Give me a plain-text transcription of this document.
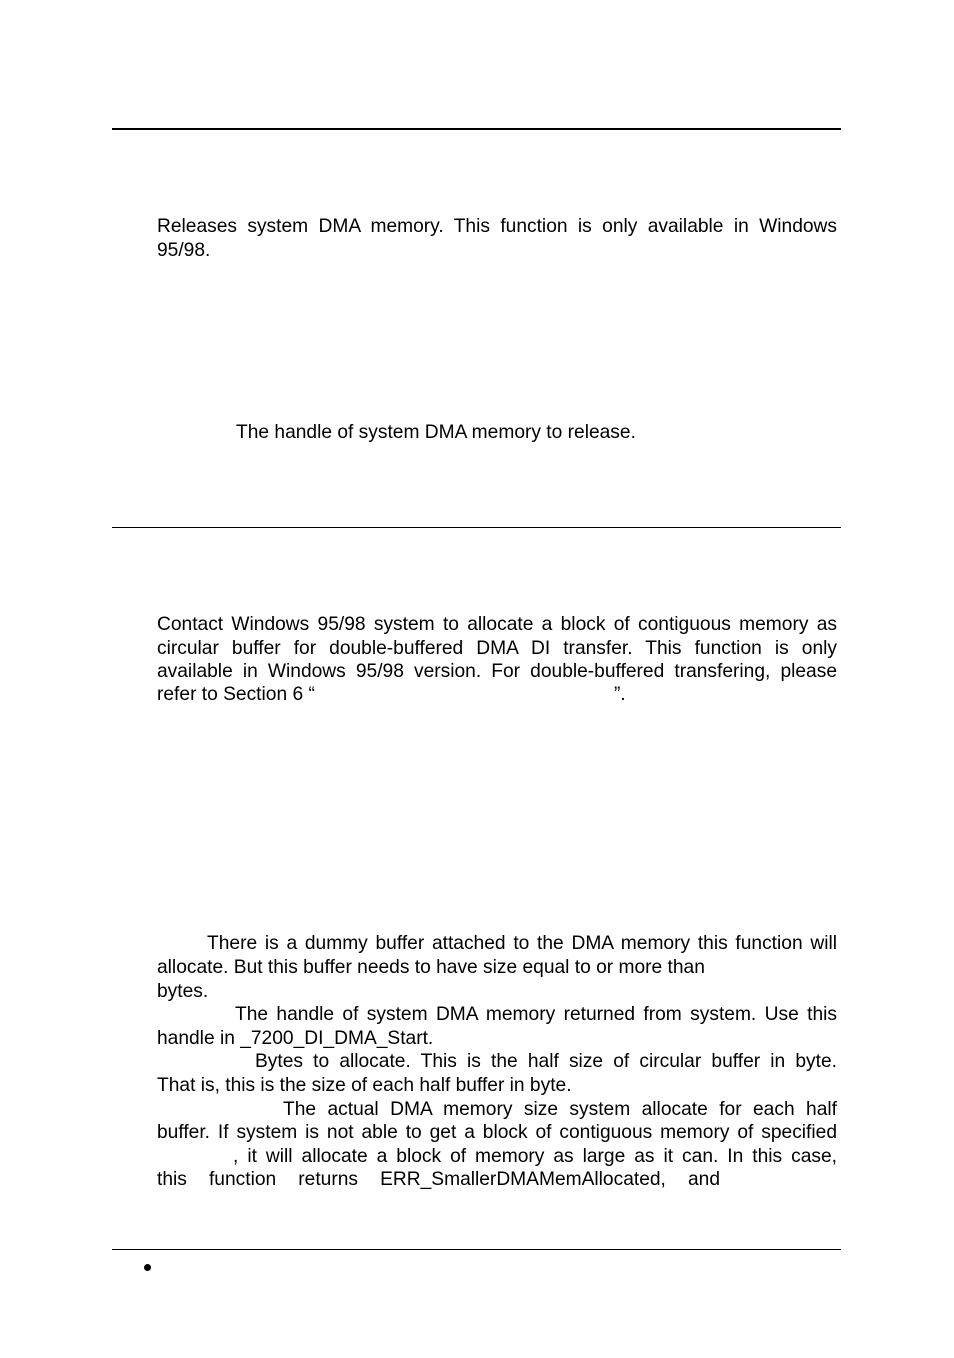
Releases system DMA memory. This function is only available in Windows
95/98.
The handle of system DMA memory to release.
Contact Windows 95/98 system to allocate a block of contiguous memory as
circular buffer for double-buffered DMA DI transfer. This function is only
available in Windows 95/98 version. For double-buffered transfering, please
refer to Section 6 “	”.
There is a dummy buffer attached to the DMA memory this function will
allocate. But this buffer needs to have size equal to or more than
bytes.
The handle of system DMA memory returned from system. Use this
handle in _7200_DI_DMA_Start.
Bytes to allocate. This is the half size of circular buffer in byte.
That is, this is the size of each half buffer in byte.
The actual DMA memory size system allocate for each half
buffer. If system is not able to get a block of contiguous memory of specified
, it will allocate a block of memory as large as it can. In this case,
this function returns ERR_SmallerDMAMemAllocated, and
